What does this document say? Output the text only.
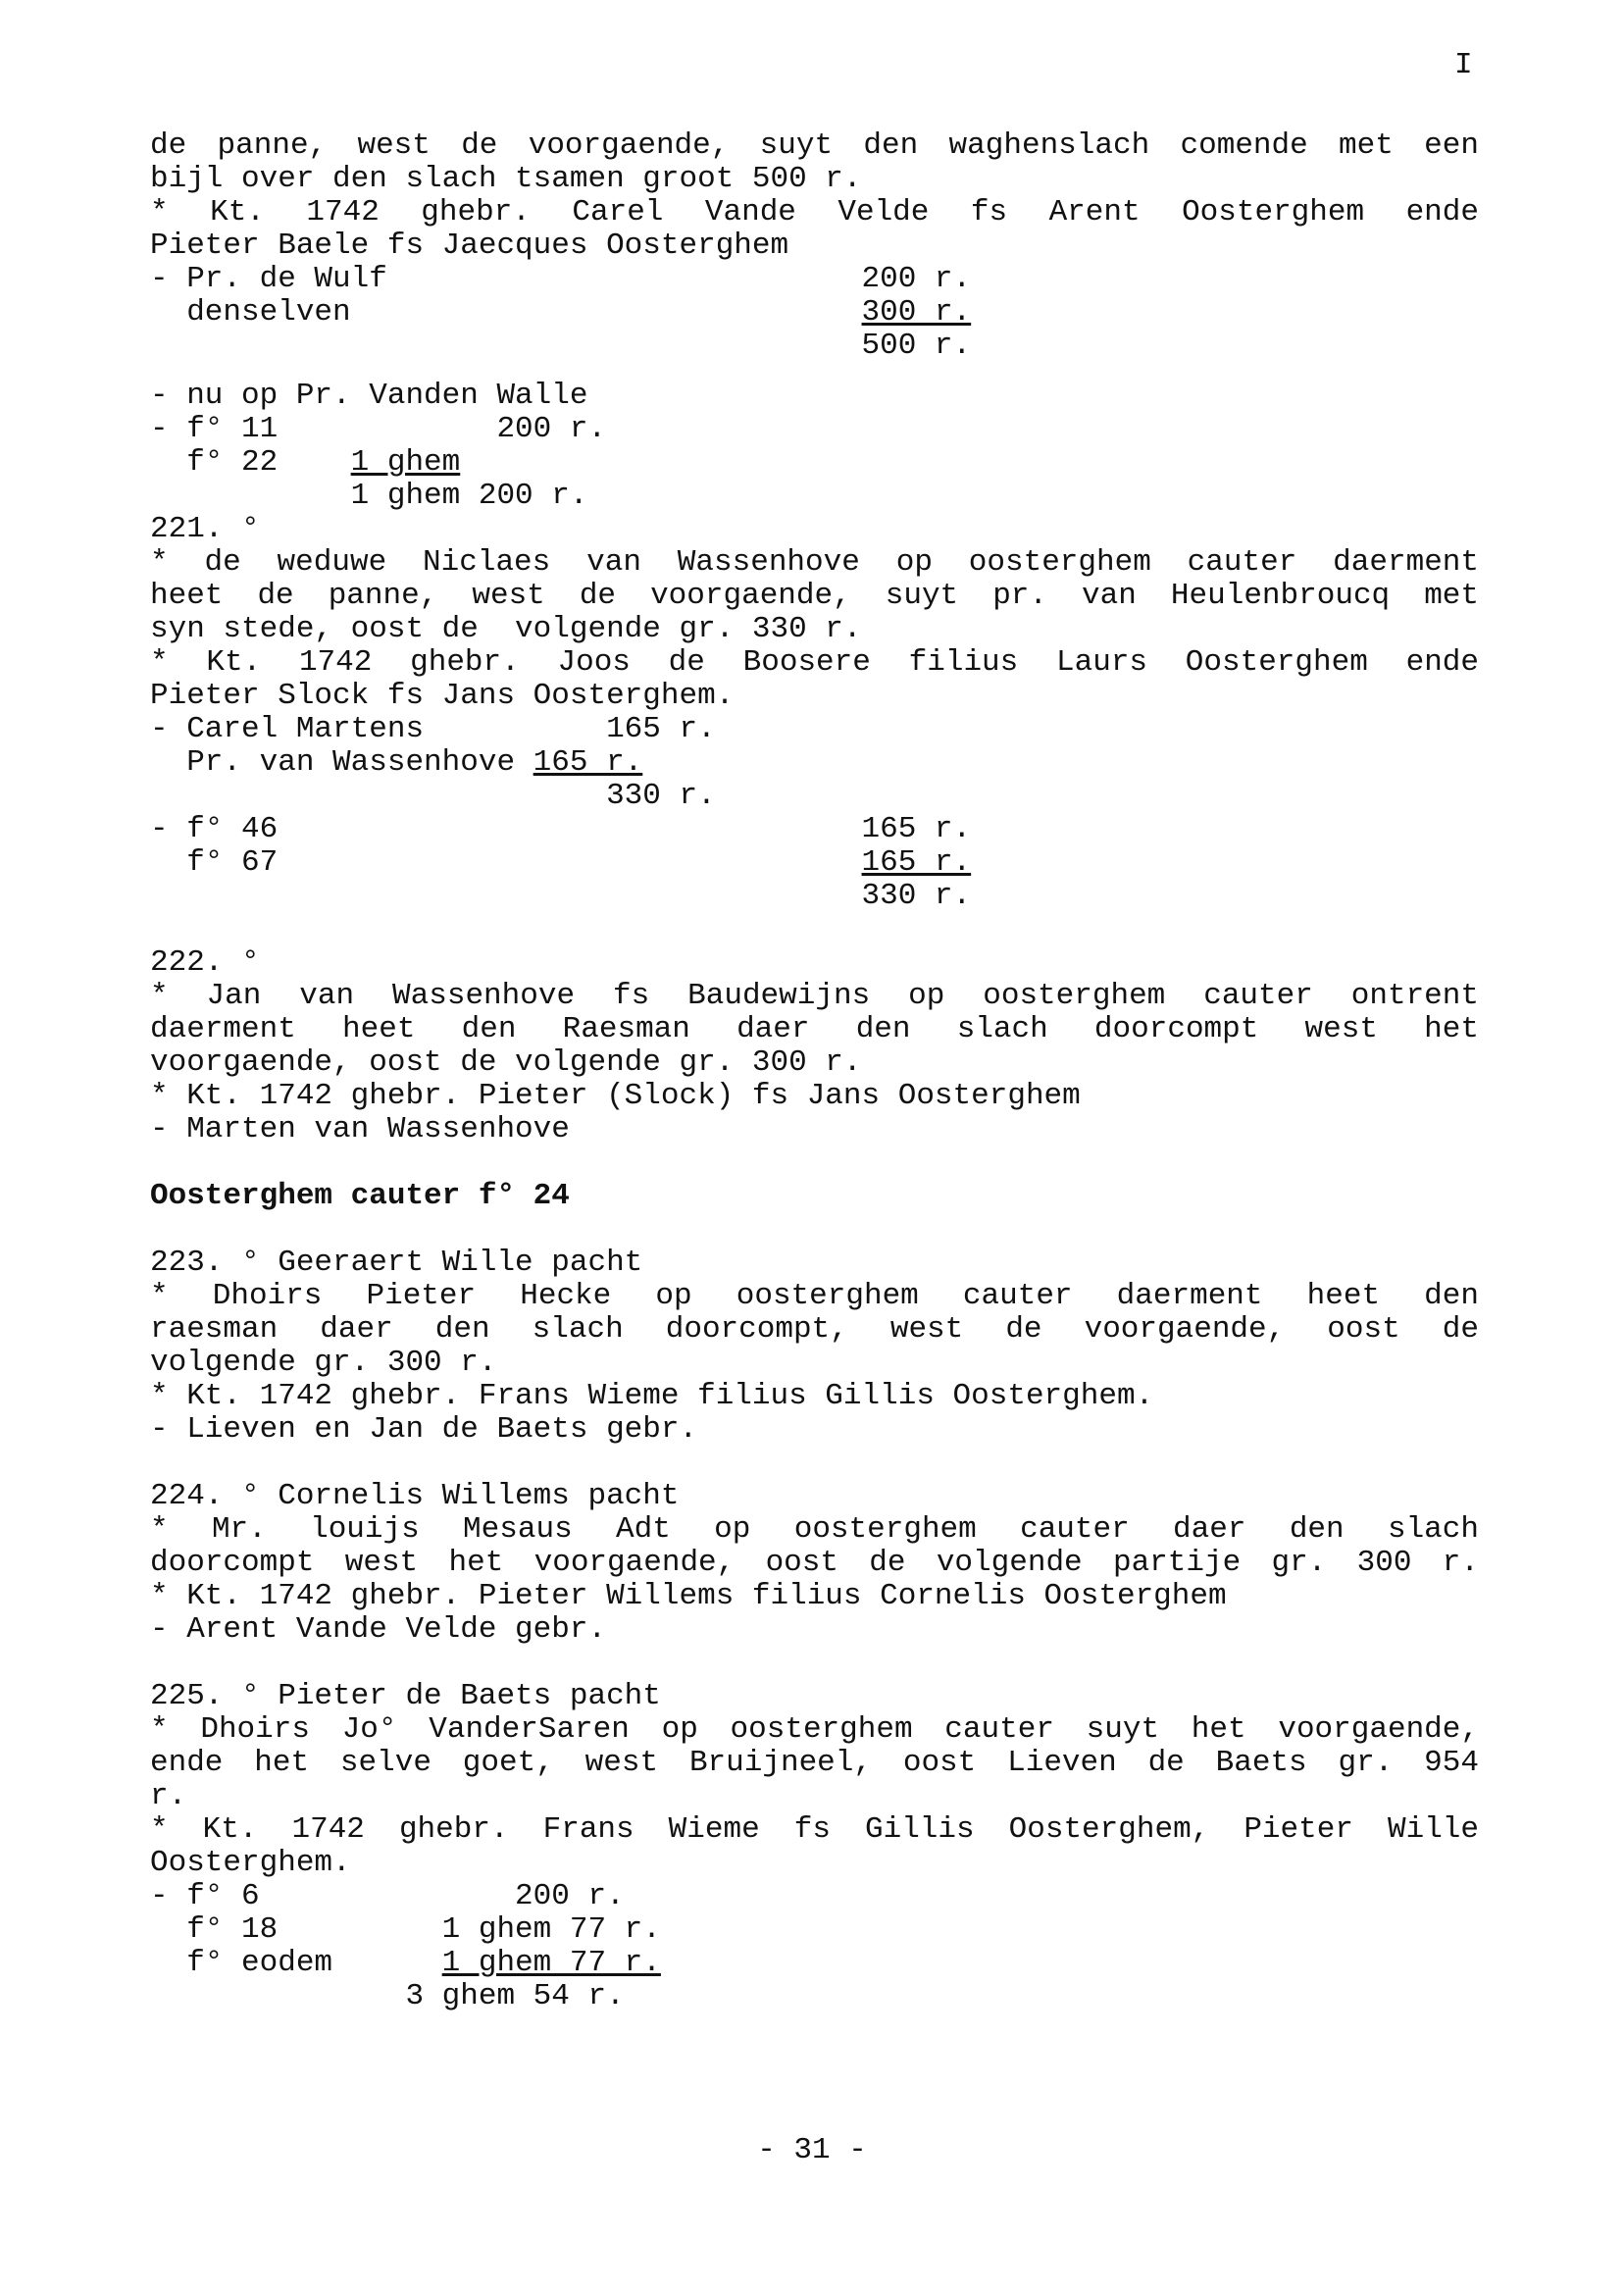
I
de panne, west de voorgaende, suyt den waghenslach comende met een
bijl over den slach tsamen groot 500 r.
* Kt. 1742 ghebr. Carel Vande Velde fs Arent Oosterghem ende
Pieter Baele fs Jaecques Oosterghem
- Pr. de Wulf                          200 r.
denselven                            300 r.
500 r.
- nu op Pr. Vanden Walle
- f° 11            200 r.
f° 22    1 ghem
1 ghem 200 r.
221. °
* de weduwe Niclaes van Wassenhove op oosterghem cauter daerment
heet de panne, west de voorgaende, suyt pr. van Heulenbroucq met
syn stede, oost de  volgende gr. 330 r.
* Kt. 1742 ghebr. Joos de Boosere filius Laurs Oosterghem ende
Pieter Slock fs Jans Oosterghem.
- Carel Martens          165 r.
Pr. van Wassenhove 165 r.
330 r.
- f° 46                                165 r.
f° 67                                165 r.
330 r.
222. °
* Jan van Wassenhove fs Baudewijns op oosterghem cauter ontrent
daerment heet den Raesman daer den slach doorcompt west het
voorgaende, oost de volgende gr. 300 r.
* Kt. 1742 ghebr. Pieter (Slock) fs Jans Oosterghem
- Marten van Wassenhove
Oosterghem cauter f° 24
223. ° Geeraert Wille pacht
* Dhoirs Pieter Hecke op oosterghem cauter daerment heet den
raesman daer den slach doorcompt, west de voorgaende, oost de
volgende gr. 300 r.
* Kt. 1742 ghebr. Frans Wieme filius Gillis Oosterghem.
- Lieven en Jan de Baets gebr.
224. ° Cornelis Willems pacht
* Mr. louijs Mesaus Adt op oosterghem cauter daer den slach
doorcompt west het voorgaende, oost de volgende partije gr. 300 r.
* Kt. 1742 ghebr. Pieter Willems filius Cornelis Oosterghem
- Arent Vande Velde gebr.
225. ° Pieter de Baets pacht
* Dhoirs Jo° VanderSaren op oosterghem cauter suyt het voorgaende,
ende het selve goet, west Bruijneel, oost Lieven de Baets gr. 954
r.
* Kt. 1742 ghebr. Frans Wieme fs Gillis Oosterghem, Pieter Wille
Oosterghem.
- f° 6              200 r.
f° 18         1 ghem 77 r.
f° eodem      1 ghem 77 r.
3 ghem 54 r.
- 31 -
